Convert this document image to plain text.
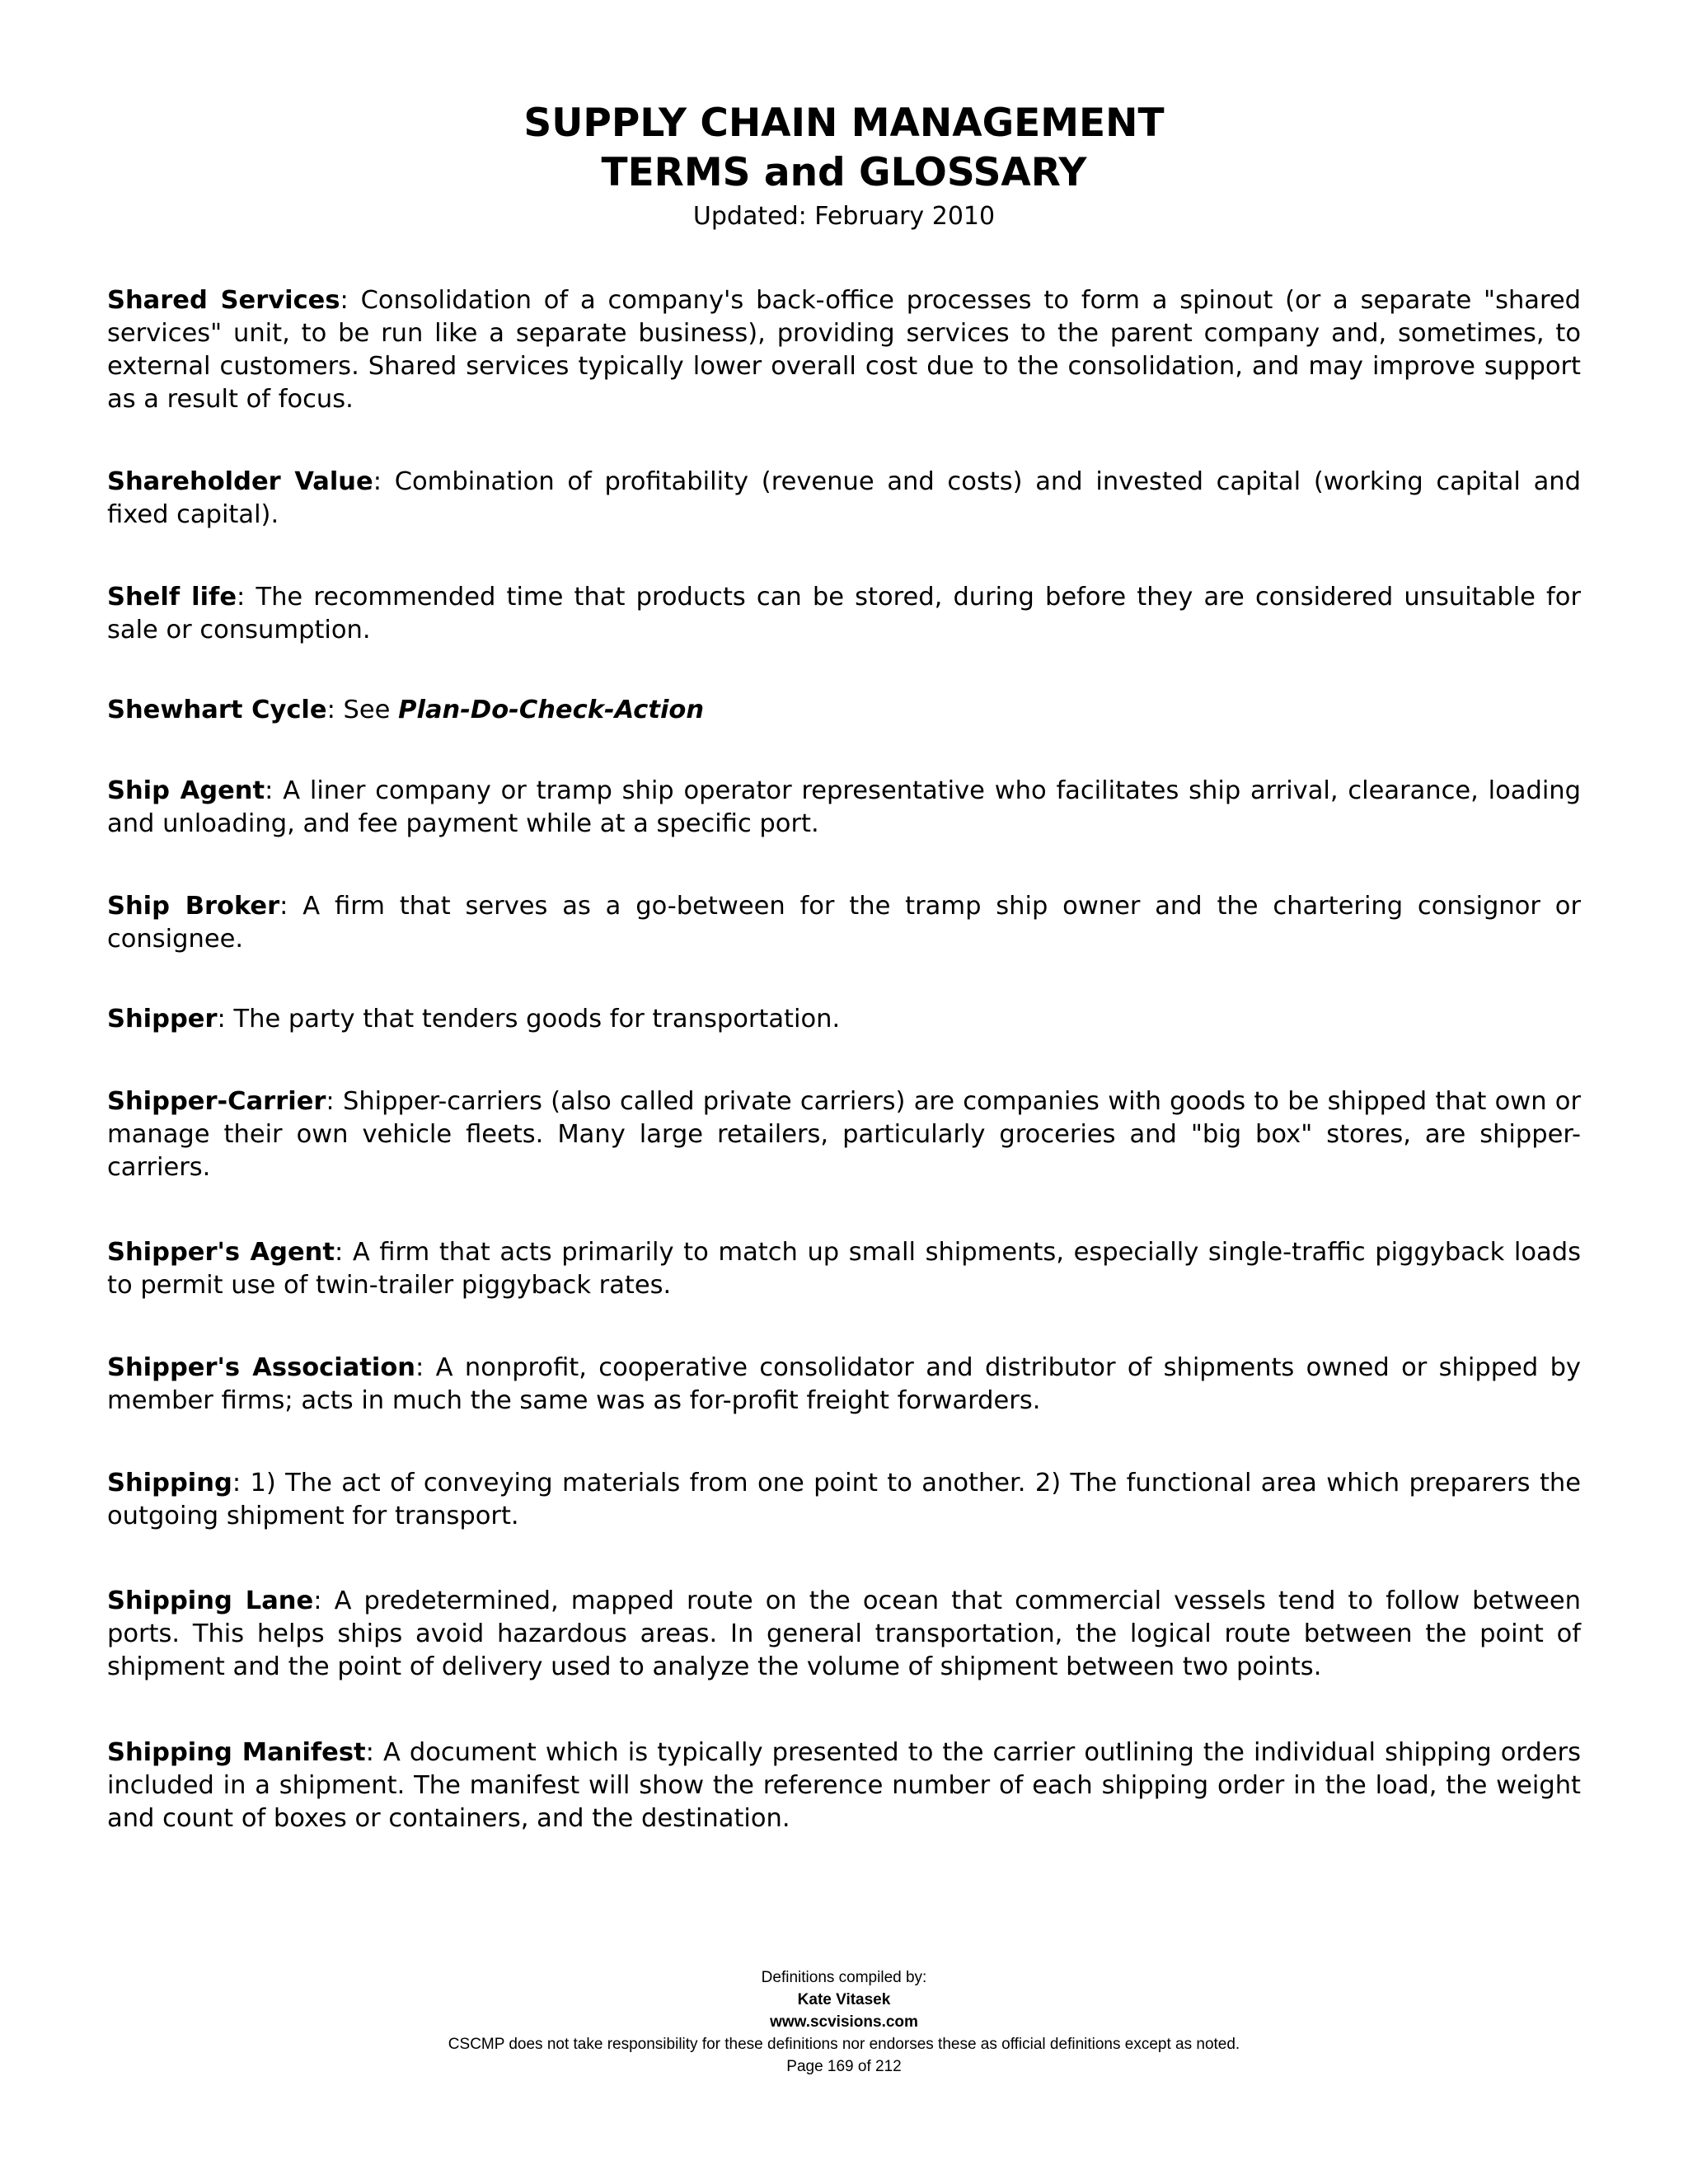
SUPPLY CHAIN MANAGEMENT
TERMS and GLOSSARY
Updated: February 2010
Shared Services: Consolidation of a company's back-office processes to form a spinout (or a separate "shared services" unit, to be run like a separate business), providing services to the parent company and, sometimes, to external customers. Shared services typically lower overall cost due to the consolidation, and may improve support as a result of focus.
Shareholder Value: Combination of profitability (revenue and costs) and invested capital (working capital and fixed capital).
Shelf life: The recommended time that products can be stored, during before they are considered unsuitable for sale or consumption.
Shewhart Cycle: See Plan-Do-Check-Action
Ship Agent: A liner company or tramp ship operator representative who facilitates ship arrival, clearance, loading and unloading, and fee payment while at a specific port.
Ship Broker: A firm that serves as a go-between for the tramp ship owner and the chartering consignor or consignee.
Shipper: The party that tenders goods for transportation.
Shipper-Carrier: Shipper-carriers (also called private carriers) are companies with goods to be shipped that own or manage their own vehicle fleets. Many large retailers, particularly groceries and "big box" stores, are shipper-carriers.
Shipper's Agent: A firm that acts primarily to match up small shipments, especially single-traffic piggyback loads to permit use of twin-trailer piggyback rates.
Shipper's Association: A nonprofit, cooperative consolidator and distributor of shipments owned or shipped by member firms; acts in much the same was as for-profit freight forwarders.
Shipping: 1) The act of conveying materials from one point to another. 2) The functional area which preparers the outgoing shipment for transport.
Shipping Lane: A predetermined, mapped route on the ocean that commercial vessels tend to follow between ports. This helps ships avoid hazardous areas. In general transportation, the logical route between the point of shipment and the point of delivery used to analyze the volume of shipment between two points.
Shipping Manifest: A document which is typically presented to the carrier outlining the individual shipping orders included in a shipment. The manifest will show the reference number of each shipping order in the load, the weight and count of boxes or containers, and the destination.
Definitions compiled by:
Kate Vitasek
www.scvisions.com
CSCMP does not take responsibility for these definitions nor endorses these as official definitions except as noted.
Page 169 of 212
